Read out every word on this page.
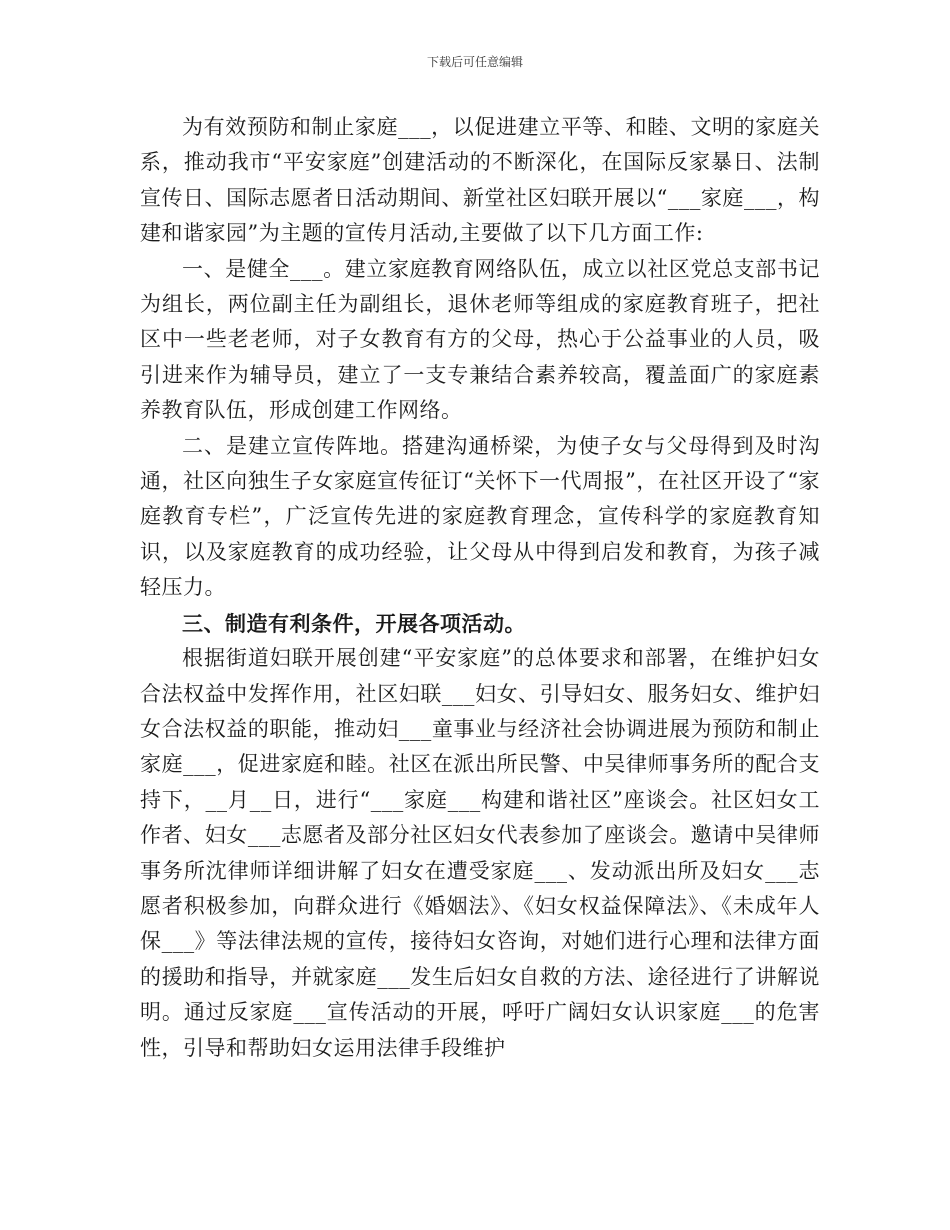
下载后可任意编辑

为有效预防和制止家庭___，以促进建立平等、和睦、文明的家庭关系，推动我市“平安家庭”创建活动的不断深化，在国际反家暴日、法制宣传日、国际志愿者日活动期间、新堂社区妇联开展以“___家庭___，构建和谐家园”为主题的宣传月活动,主要做了以下几方面工作:

一、是健全___。建立家庭教育网络队伍，成立以社区党总支部书记为组长，两位副主任为副组长，退休老师等组成的家庭教育班子，把社区中一些老老师，对子女教育有方的父母，热心于公益事业的人员，吸引进来作为辅导员，建立了一支专兼结合素养较高，覆盖面广的家庭素养教育队伍，形成创建工作网络。

二、是建立宣传阵地。搭建沟通桥梁，为使子女与父母得到及时沟通，社区向独生子女家庭宣传征订“关怀下一代周报”，在社区开设了“家庭教育专栏”，广泛宣传先进的家庭教育理念，宣传科学的家庭教育知识，以及家庭教育的成功经验，让父母从中得到启发和教育，为孩子减轻压力。

三、制造有利条件，开展各项活动。

根据街道妇联开展创建“平安家庭”的总体要求和部署，在维护妇女合法权益中发挥作用，社区妇联___妇女、引导妇女、服务妇女、维护妇女合法权益的职能，推动妇___童事业与经济社会协调进展为预防和制止家庭___，促进家庭和睦。社区在派出所民警、中吴律师事务所的配合支持下，__月__日，进行“___家庭___构建和谐社区”座谈会。社区妇女工作者、妇女___志愿者及部分社区妇女代表参加了座谈会。邀请中吴律师事务所沈律师详细讲解了妇女在遭受家庭___、发动派出所及妇女___志愿者积极参加，向群众进行《婚姻法》、《妇女权益保障法》、《未成年人保___》等法律法规的宣传，接待妇女咨询，对她们进行心理和法律方面的援助和指导，并就家庭___发生后妇女自救的方法、途径进行了讲解说明。通过反家庭___宣传活动的开展，呼吁广阔妇女认识家庭___的危害性，引导和帮助妇女运用法律手段维护
